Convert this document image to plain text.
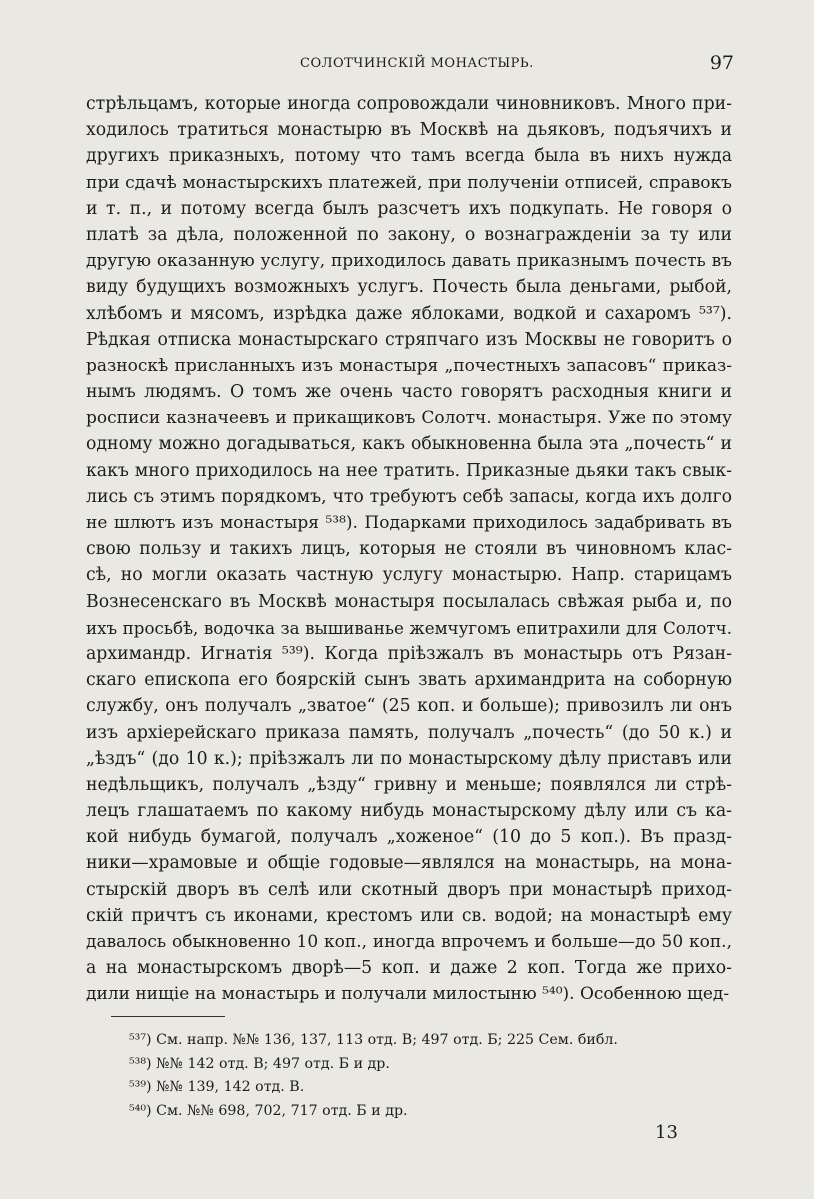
СОЛОТЧИНСКІЙ МОНАСТЫРЬ.	97
стрѣльцамъ, которые иногда сопровождали чиновниковъ. Много при-
ходилось тратиться монастырю въ Москвѣ на дьяковъ, подъячихъ и
другихъ приказныхъ, потому что тамъ всегда была въ нихъ нужда
при сдачѣ монастырскихъ платежей, при полученіи отписей, справокъ
и т. п., и потому всегда былъ разсчетъ ихъ подкупать. Не говоря о
платѣ за дѣла, положенной по закону, о вознагражденіи за ту или
другую оказанную услугу, приходилось давать приказнымъ почесть въ
виду будущихъ возможныхъ услугъ. Почесть была деньгами, рыбой,
хлѣбомъ и мясомъ, изрѣдка даже яблоками, водкой и сахаромъ ⁵³⁷).
Рѣдкая отписка монастырскаго стряпчаго изъ Москвы не говоритъ о
разноскѣ присланныхъ изъ монастыря „почестныхъ запасовъ“ приказ-
нымъ людямъ. О томъ же очень часто говорятъ расходныя книги и
росписи казначеевъ и прикащиковъ Солотч. монастыря. Уже по этому
одному можно догадываться, какъ обыкновенна была эта „почесть“ и
какъ много приходилось на нее тратить. Приказные дьяки такъ свык-
лись съ этимъ порядкомъ, что требуютъ себѣ запасы, когда ихъ долго
не шлютъ изъ монастыря ⁵³⁸). Подарками приходилось задабривать въ
свою пользу и такихъ лицъ, которыя не стояли въ чиновномъ клас-
сѣ, но могли оказать частную услугу монастырю. Напр. старицамъ
Вознесенскаго въ Москвѣ монастыря посылалась свѣжая рыба и, по
ихъ просьбѣ, водочка за вышиванье жемчугомъ епитрахили для Солотч.
архимандр. Игнатія ⁵³⁹). Когда пріѣзжалъ въ монастырь отъ Рязан-
скаго епископа его боярскій сынъ звать архимандрита на соборную
службу, онъ получалъ „зватое“ (25 коп. и больше); привозилъ ли онъ
изъ архіерейскаго приказа память, получалъ „почесть“ (до 50 к.) и
„ѣздъ“ (до 10 к.); пріѣзжалъ ли по монастырскому дѣлу приставъ или
недѣльщикъ, получалъ „ѣзду“ гривну и меньше; появлялся ли стрѣ-
лецъ глашатаемъ по какому нибудь монастырскому дѣлу или съ ка-
кой нибудь бумагой, получалъ „хоженое“ (10 до 5 коп.). Въ празд-
ники—храмовые и общіе годовые—являлся на монастырь, на мона-
стырскій дворъ въ селѣ или скотный дворъ при монастырѣ приход-
скій причтъ съ иконами, крестомъ или св. водой; на монастырѣ ему
давалось обыкновенно 10 коп., иногда впрочемъ и больше—до 50 коп.,
а на монастырскомъ дворѣ—5 коп. и даже 2 коп. Тогда же прихо-
дили нищіе на монастырь и получали милостыню ⁵⁴⁰). Особенною щед-
⁵³⁷) См. напр. №№ 136, 137, 113 отд. В; 497 отд. Б; 225 Сем. библ.
⁵³⁸) №№ 142 отд. В; 497 отд. Б и др.
⁵³⁹) №№ 139, 142 отд. В.
⁵⁴⁰) См. №№ 698, 702, 717 отд. Б и др.
13
